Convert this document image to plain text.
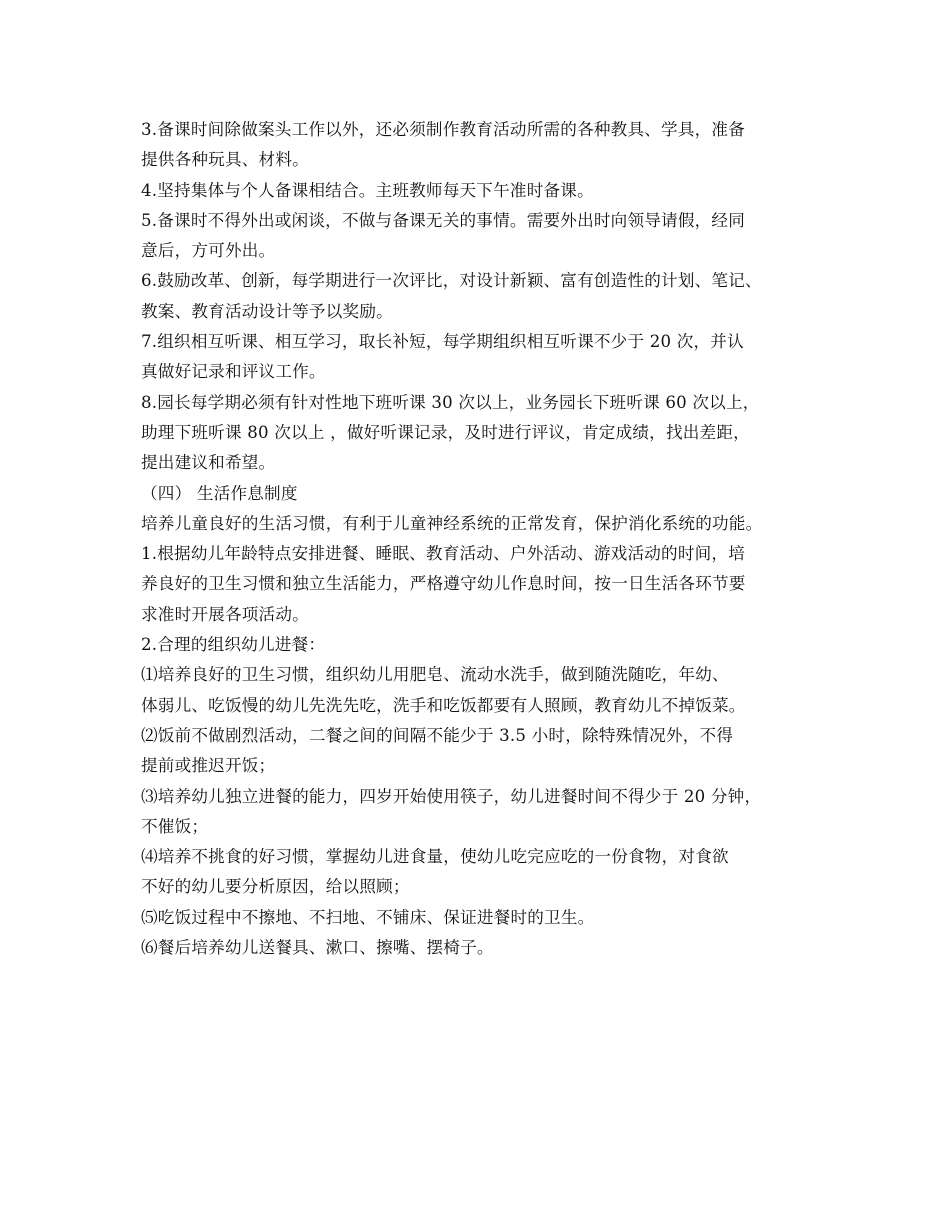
3.备课时间除做案头工作以外，还必须制作教育活动所需的各种教具、学具，准备
提供各种玩具、材料。
4.坚持集体与个人备课相结合。主班教师每天下午准时备课。
5.备课时不得外出或闲谈，不做与备课无关的事情。需要外出时向领导请假，经同
意后，方可外出。
6.鼓励改革、创新，每学期进行一次评比，对设计新颖、富有创造性的计划、笔记、
教案、教育活动设计等予以奖励。
7.组织相互听课、相互学习，取长补短，每学期组织相互听课不少于 20 次，并认
真做好记录和评议工作。
8.园长每学期必须有针对性地下班听课 30 次以上，业务园长下班听课 60 次以上，
助理下班听课 80 次以上 ，做好听课记录，及时进行评议，肯定成绩，找出差距，
提出建议和希望。
（四） 生活作息制度
培养儿童良好的生活习惯，有利于儿童神经系统的正常发育，保护消化系统的功能。
1.根据幼儿年龄特点安排进餐、睡眠、教育活动、户外活动、游戏活动的时间，培
养良好的卫生习惯和独立生活能力，严格遵守幼儿作息时间，按一日生活各环节要
求准时开展各项活动。
2.合理的组织幼儿进餐：
⑴培养良好的卫生习惯，组织幼儿用肥皂、流动水洗手，做到随洗随吃，年幼、
体弱儿、吃饭慢的幼儿先洗先吃，洗手和吃饭都要有人照顾，教育幼儿不掉饭菜。
⑵饭前不做剧烈活动，二餐之间的间隔不能少于 3.5 小时，除特殊情况外，不得
提前或推迟开饭；
⑶培养幼儿独立进餐的能力，四岁开始使用筷子，幼儿进餐时间不得少于 20 分钟，
不催饭；
⑷培养不挑食的好习惯，掌握幼儿进食量，使幼儿吃完应吃的一份食物，对食欲
不好的幼儿要分析原因，给以照顾；
⑸吃饭过程中不擦地、不扫地、不铺床、保证进餐时的卫生。
⑹餐后培养幼儿送餐具、漱口、擦嘴、摆椅子。
